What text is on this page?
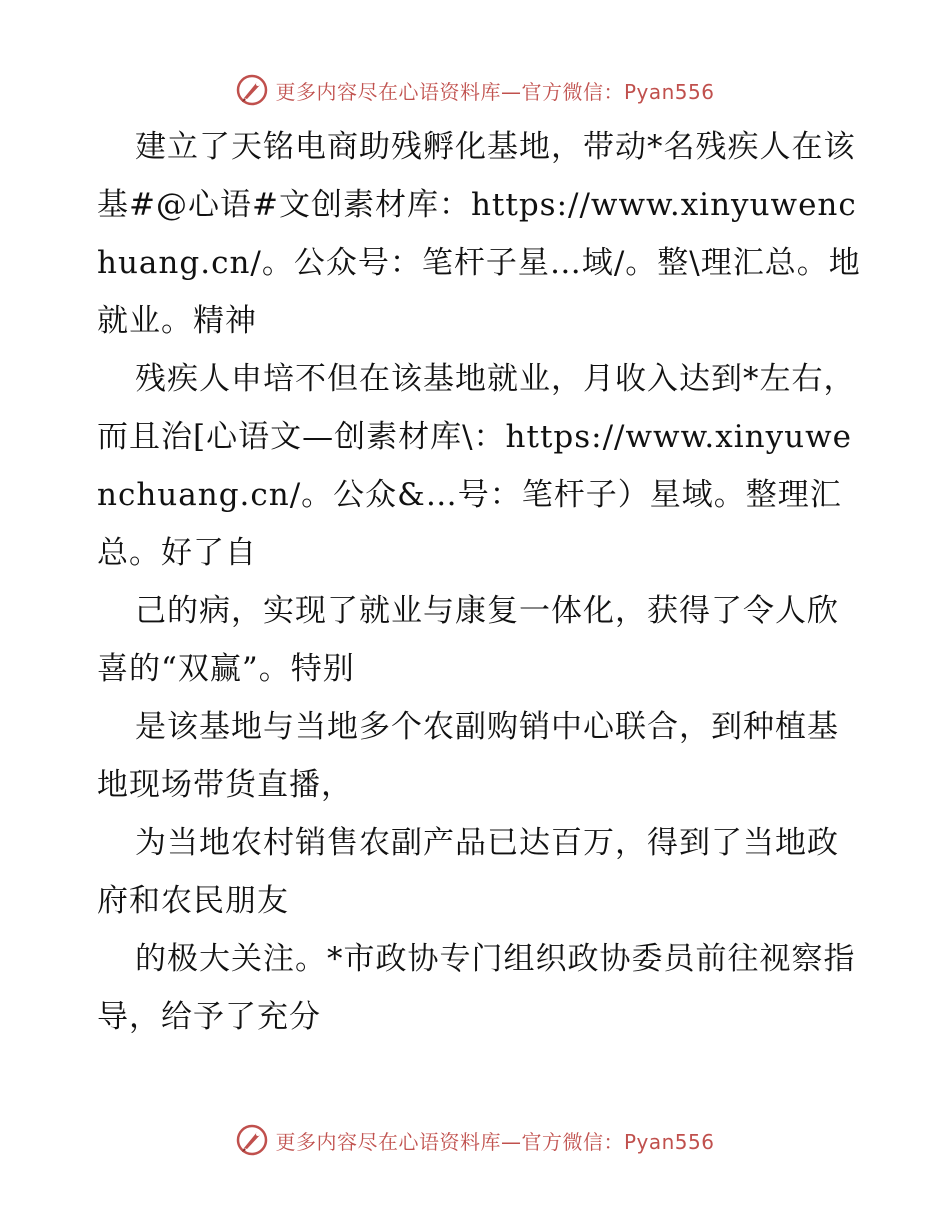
更多内容尽在心语资料库—官方微信：Pyan556

建立了天铭电商助残孵化基地，带动*名残疾人在该基#@心语#文创素材库：https://www.xinyuwenchuang.cn/。公众号：笔杆子星…域/。整\理汇总。地就业。精神

残疾人申培不但在该基地就业，月收入达到*左右，而且治[心语文—创素材库\：https://www.xinyuwenchuang.cn/。公众&…号：笔杆子）星域。整理汇总。好了自

己的病，实现了就业与康复一体化，获得了令人欣喜的“双赢”。特别

是该基地与当地多个农副购销中心联合，到种植基地现场带货直播，

为当地农村销售农副产品已达百万，得到了当地政府和农民朋友

的极大关注。*市政协专门组织政协委员前往视察指导，给予了充分

更多内容尽在心语资料库—官方微信：Pyan556
